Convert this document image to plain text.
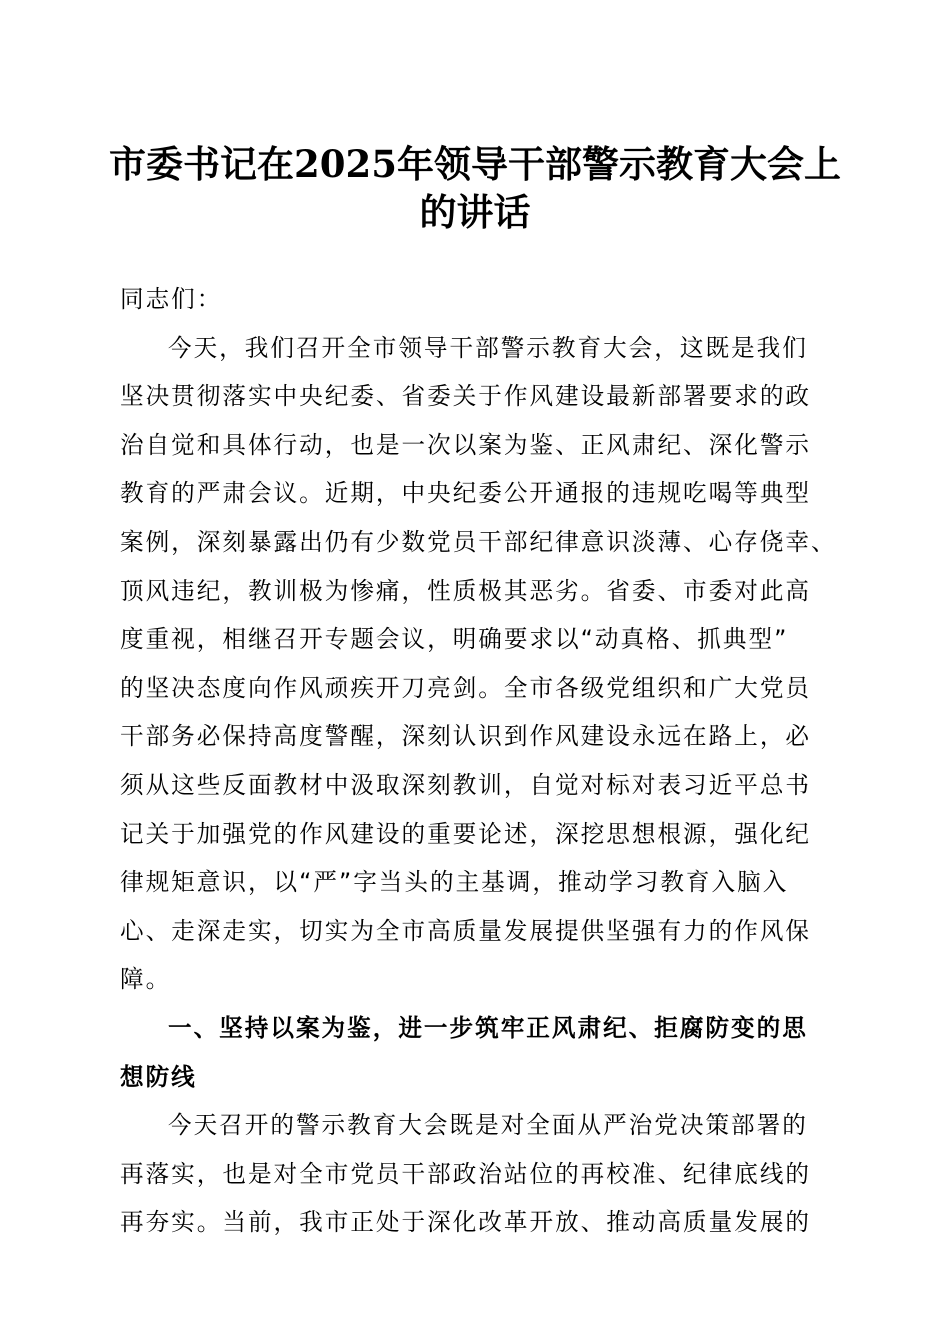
市委书记在2025年领导干部警示教育大会上
的讲话

同志们：

今天，我们召开全市领导干部警示教育大会，这既是我们
坚决贯彻落实中央纪委、省委关于作风建设最新部署要求的政
治自觉和具体行动，也是一次以案为鉴、正风肃纪、深化警示
教育的严肃会议。近期，中央纪委公开通报的违规吃喝等典型
案例，深刻暴露出仍有少数党员干部纪律意识淡薄、心存侥幸、
顶风违纪，教训极为惨痛，性质极其恶劣。省委、市委对此高
度重视，相继召开专题会议，明确要求以“动真格、抓典型”
的坚决态度向作风顽疾开刀亮剑。全市各级党组织和广大党员
干部务必保持高度警醒，深刻认识到作风建设永远在路上，必
须从这些反面教材中汲取深刻教训，自觉对标对表习近平总书
记关于加强党的作风建设的重要论述，深挖思想根源，强化纪
律规矩意识，以“严”字当头的主基调，推动学习教育入脑入
心、走深走实，切实为全市高质量发展提供坚强有力的作风保
障。
一、坚持以案为鉴，进一步筑牢正风肃纪、拒腐防变的思
想防线
今天召开的警示教育大会既是对全面从严治党决策部署的
再落实，也是对全市党员干部政治站位的再校准、纪律底线的
再夯实。当前，我市正处于深化改革开放、推动高质量发展的
